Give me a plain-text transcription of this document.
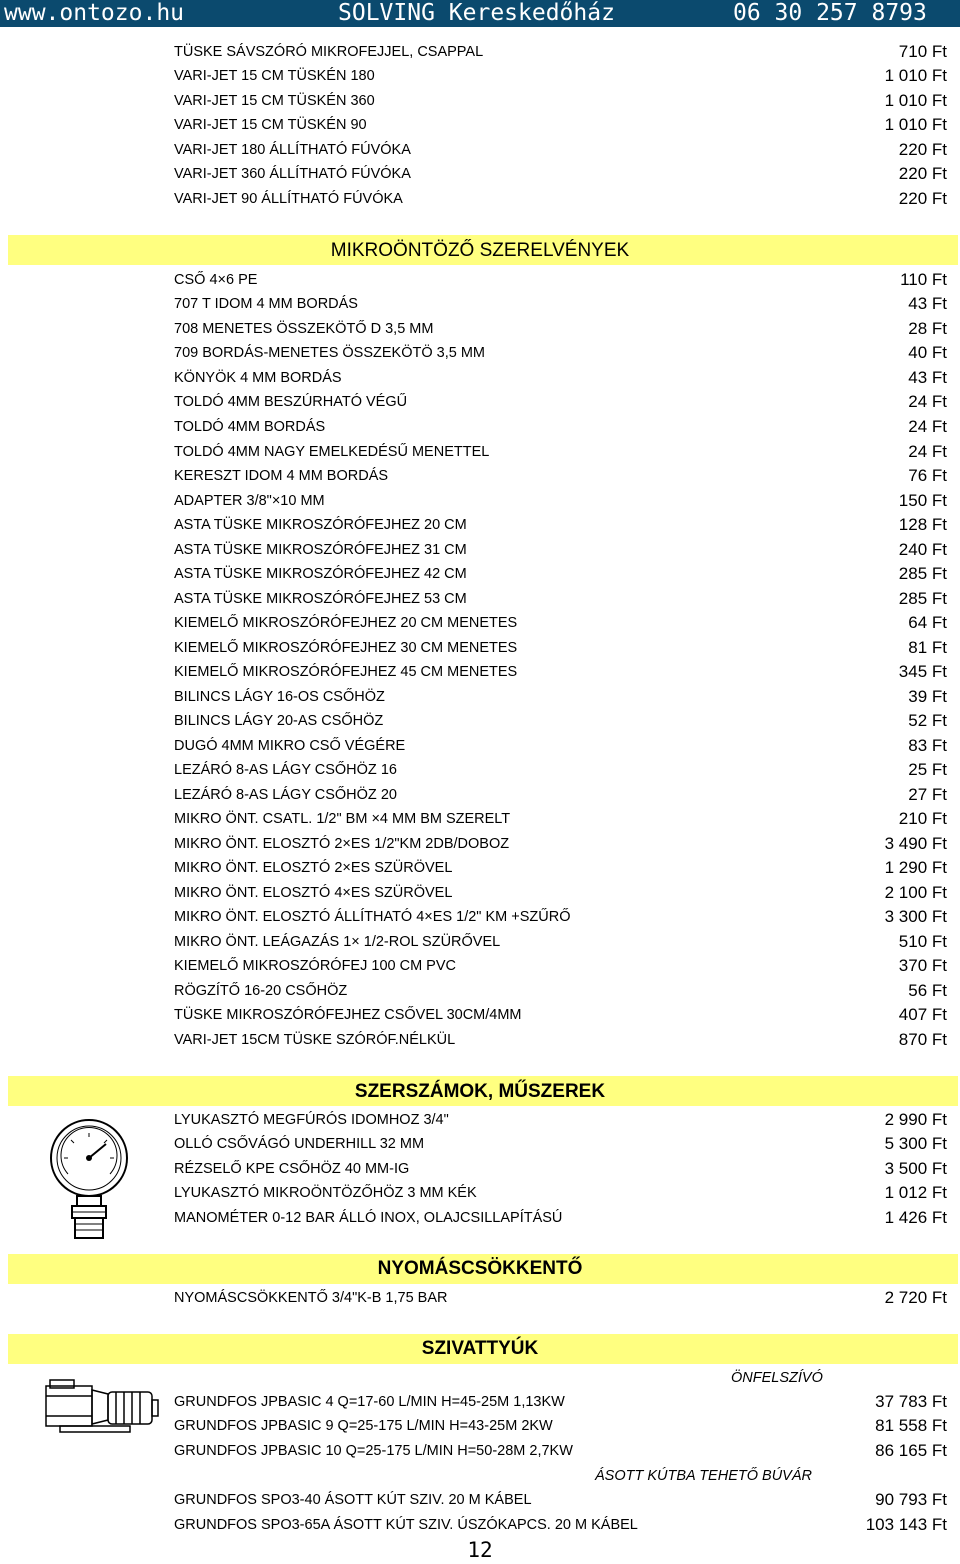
www.ontozo.hu	SOLVING Kereskedőház	06 30 257 8793
TÜSKE SÁVSZÓRÓ MIKROFEJJEL, CSAPPAL	710 Ft
VARI-JET 15 CM TÜSKÉN 180	1 010 Ft
VARI-JET 15 CM TÜSKÉN 360	1 010 Ft
VARI-JET 15 CM TÜSKÉN 90	1 010 Ft
VARI-JET 180 ÁLLÍTHATÓ FÚVÓKA	220 Ft
VARI-JET 360 ÁLLÍTHATÓ FÚVÓKA	220 Ft
VARI-JET 90 ÁLLÍTHATÓ FÚVÓKA	220 Ft
MIKROÖNTÖZŐ SZERELVÉNYEK
CSŐ 4×6 PE	110 Ft
707 T IDOM 4 MM BORDÁS	43 Ft
708 MENETES ÖSSZEKÖTŐ D 3,5 MM	28 Ft
709 BORDÁS-MENETES ÖSSZEKÖTÖ 3,5 MM	40 Ft
KÖNYÖK 4 MM BORDÁS	43 Ft
TOLDÓ 4MM BESZÚRHATÓ VÉGŰ	24 Ft
TOLDÓ 4MM BORDÁS	24 Ft
TOLDÓ 4MM NAGY EMELKEDÉSŰ MENETTEL	24 Ft
KERESZT IDOM 4 MM BORDÁS	76 Ft
ADAPTER 3/8"×10 MM	150 Ft
ASTA TÜSKE MIKROSZÓRÓFEJHEZ 20 CM	128 Ft
ASTA TÜSKE MIKROSZÓRÓFEJHEZ 31 CM	240 Ft
ASTA TÜSKE MIKROSZÓRÓFEJHEZ 42 CM	285 Ft
ASTA TÜSKE MIKROSZÓRÓFEJHEZ 53 CM	285 Ft
KIEMELŐ MIKROSZÓRÓFEJHEZ 20 CM MENETES	64 Ft
KIEMELŐ MIKROSZÓRÓFEJHEZ 30 CM MENETES	81 Ft
KIEMELŐ MIKROSZÓRÓFEJHEZ 45 CM MENETES	345 Ft
BILINCS LÁGY 16-OS CSŐHÖZ	39 Ft
BILINCS LÁGY 20-AS CSŐHÖZ	52 Ft
DUGÓ 4MM MIKRO CSŐ VÉGÉRE	83 Ft
LEZÁRÓ 8-AS LÁGY CSŐHÖZ 16	25 Ft
LEZÁRÓ 8-AS LÁGY CSŐHÖZ 20	27 Ft
MIKRO ÖNT. CSATL. 1/2" BM ×4 MM BM SZERELT	210 Ft
MIKRO ÖNT. ELOSZTÓ 2×ES 1/2"KM 2DB/DOBOZ	3 490 Ft
MIKRO ÖNT. ELOSZTÓ 2×ES SZÜRÖVEL	1 290 Ft
MIKRO ÖNT. ELOSZTÓ 4×ES SZÜRÖVEL	2 100 Ft
MIKRO ÖNT. ELOSZTÓ ÁLLÍTHATÓ 4×ES 1/2" KM +SZŰRŐ	3 300 Ft
MIKRO ÖNT. LEÁGAZÁS 1× 1/2-ROL SZÜRŐVEL	510 Ft
KIEMELŐ MIKROSZÓRÓFEJ 100 CM PVC	370 Ft
RÖGZÍTŐ 16-20 CSŐHÖZ	56 Ft
TÜSKE MIKROSZÓRÓFEJHEZ CSŐVEL 30CM/4MM	407 Ft
VARI-JET 15CM TÜSKE SZÓRÓF.NÉLKÜL	870 Ft
SZERSZÁMOK, MŰSZEREK
LYUKASZTÓ MEGFÚRÓS IDOMHOZ 3/4"	2 990 Ft
OLLÓ CSŐVÁGÓ UNDERHILL 32 MM	5 300 Ft
RÉZSELŐ KPE CSŐHÖZ 40 MM-IG	3 500 Ft
LYUKASZTÓ MIKROÖNTÖZŐHÖZ 3 MM KÉK	1 012 Ft
MANOMÉTER 0-12 BAR ÁLLÓ INOX, OLAJCSILLAPÍTÁSÚ	1 426 Ft
NYOMÁSCSÖKKENTŐ
NYOMÁSCSÖKKENTŐ 3/4"K-B 1,75 BAR	2 720 Ft
SZIVATTYÚK
ÖNFELSZÍVÓ
GRUNDFOS JPBASIC 4 Q=17-60 L/MIN H=45-25M 1,13KW	37 783 Ft
GRUNDFOS JPBASIC 9 Q=25-175 L/MIN H=43-25M 2KW	81 558 Ft
GRUNDFOS JPBASIC 10 Q=25-175 L/MIN H=50-28M 2,7KW	86 165 Ft
ÁSOTT KÚTBA TEHETŐ BÚVÁR
GRUNDFOS SPO3-40 ÁSOTT KÚT SZIV. 20 M KÁBEL	90 793 Ft
GRUNDFOS SPO3-65A ÁSOTT KÚT SZIV. ÚSZÓKAPCS. 20 M KÁBEL	103 143 Ft
12
